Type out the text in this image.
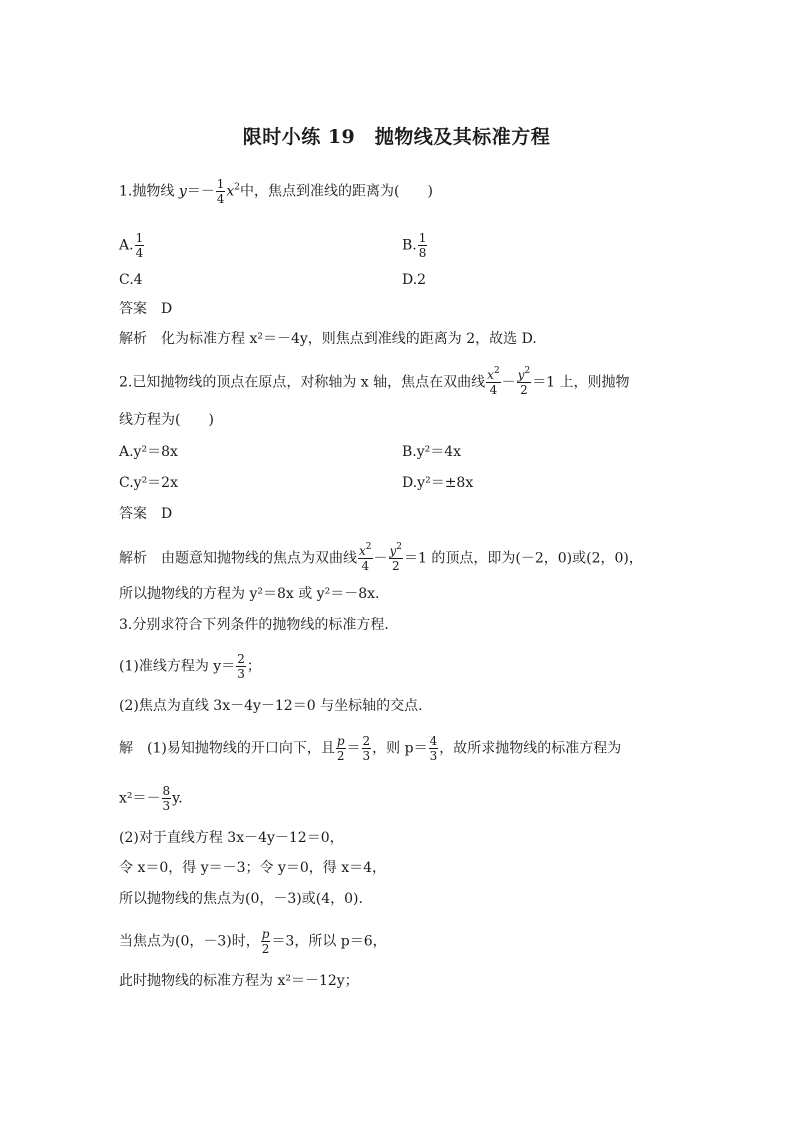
限时小练 19　抛物线及其标准方程
1.抛物线 $y=- \frac{1}{4} x^2$中，焦点到准线的距离为(　　)
A. $\frac{1}{4}$	B. $\frac{1}{8}$
C.4	D.2
答案　D
解析　化为标准方程 x²＝－4y，则焦点到准线的距离为 2，故选 D.
2.已知抛物线的顶点在原点，对称轴为 x 轴，焦点在双曲线 $\frac{x^2}{4} - \frac{y^2}{2} =1$ 上，则抛物
线方程为(　　)
A.y²＝8x	B.y²＝4x
C.y²＝2x	D.y²＝±8x
答案　D
解析　由题意知抛物线的焦点为双曲线 $\frac{x^2}{4} - \frac{y^2}{2} =1$ 的顶点，即为(－2，0)或(2，0)，
所以抛物线的方程为 y²＝8x 或 y²＝－8x.
3.分别求符合下列条件的抛物线的标准方程.
(1)准线方程为 $y= \frac{2}{3}$ ；
(2)焦点为直线 3x－4y－12＝0 与坐标轴的交点.
解　(1)易知抛物线的开口向下，且 $\frac{p}{2} = \frac{2}{3}$ ，则 $p= \frac{4}{3}$ ，故所求抛物线的标准方程为
$x^2=- \frac{8}{3} y$.
(2)对于直线方程 3x－4y－12＝0，
令 x＝0，得 y＝－3；令 y＝0，得 x＝4，
所以抛物线的焦点为(0，－3)或(4，0).
当焦点为(0，－3)时， $\frac{p}{2} =3$，所以 p＝6，
此时抛物线的标准方程为 x²＝－12y；
